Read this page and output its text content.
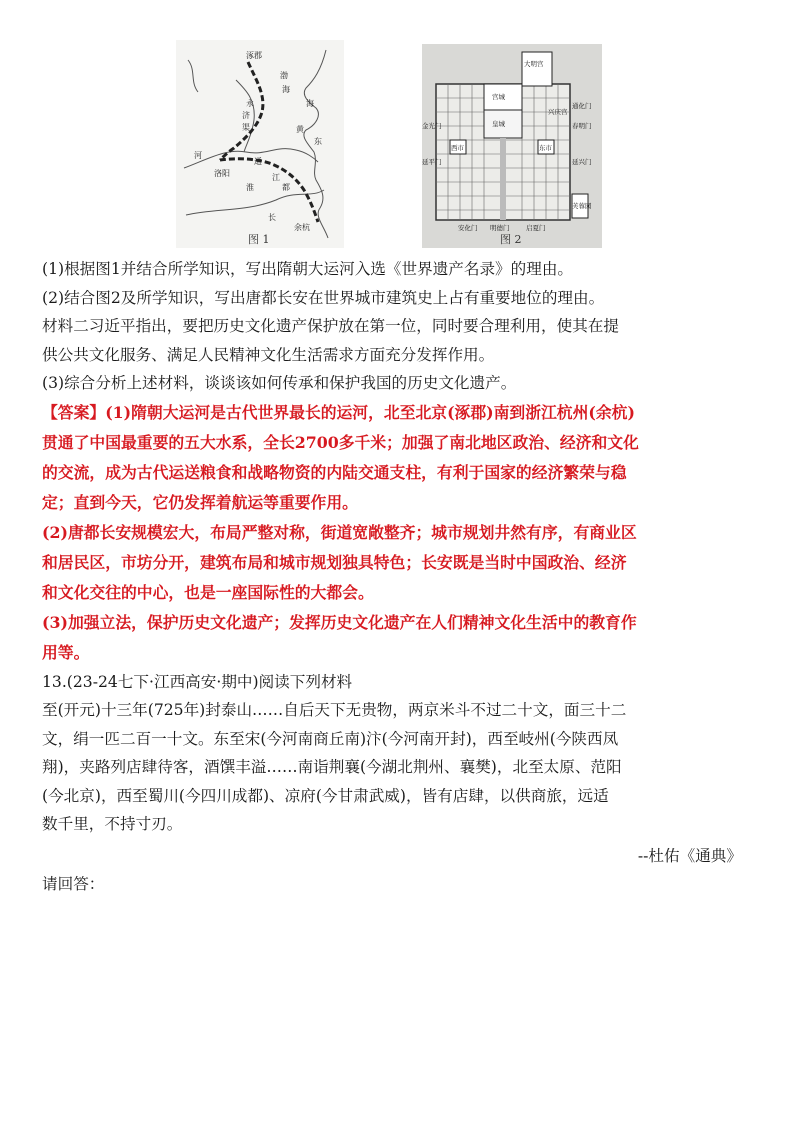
涿郡
渤
海
黄
东
河
永
济
渠
洛阳	江
都
长
余杭
淮
通
海
图 1
宫城
皇城
东市
西市
芙蓉园
安化门 明德门	启夏门
春明门
金光门
通化门
延平门	延兴门
大明宫
兴庆宫
图 2
(1)根据图1并结合所学知识，写出隋朝大运河入选《世界遗产名录》的理由。
(2)结合图2及所学知识，写出唐都长安在世界城市建筑史上占有重要地位的理由。
材料二习近平指出，要把历史文化遗产保护放在第一位，同时要合理利用，使其在提
供公共文化服务、满足人民精神文化生活需求方面充分发挥作用。
(3)综合分析上述材料，谈谈该如何传承和保护我国的历史文化遗产。
【答案】(1)隋朝大运河是古代世界最长的运河，北至北京(涿郡)南到浙江杭州(余杭)
贯通了中国最重要的五大水系，全长2700多千米；加强了南北地区政治、经济和文化
的交流，成为古代运送粮食和战略物资的内陆交通支柱，有利于国家的经济繁荣与稳
定；直到今天，它仍发挥着航运等重要作用。
(2)唐都长安规模宏大，布局严整对称，街道宽敞整齐；城市规划井然有序，有商业区
和居民区，市坊分开，建筑布局和城市规划独具特色；长安既是当时中国政治、经济
和文化交往的中心，也是一座国际性的大都会。
(3)加强立法，保护历史文化遗产；发挥历史文化遗产在人们精神文化生活中的教育作
用等。
13.(23-24七下·江西高安·期中)阅读下列材料
至(开元)十三年(725年)封泰山……自后天下无贵物，两京米斗不过二十文，面三十二
文，绢一匹二百一十文。东至宋(今河南商丘南)汴(今河南开封)，西至岐州(今陕西凤
翔)，夹路列店肆待客，酒馔丰溢……南诣荆襄(今湖北荆州、襄樊)，北至太原、范阳
(今北京)，西至蜀川(今四川成都)、凉府(今甘肃武威)，皆有店肆，以供商旅，远适
数千里，不持寸刃。
--杜佑《通典》
请回答：
